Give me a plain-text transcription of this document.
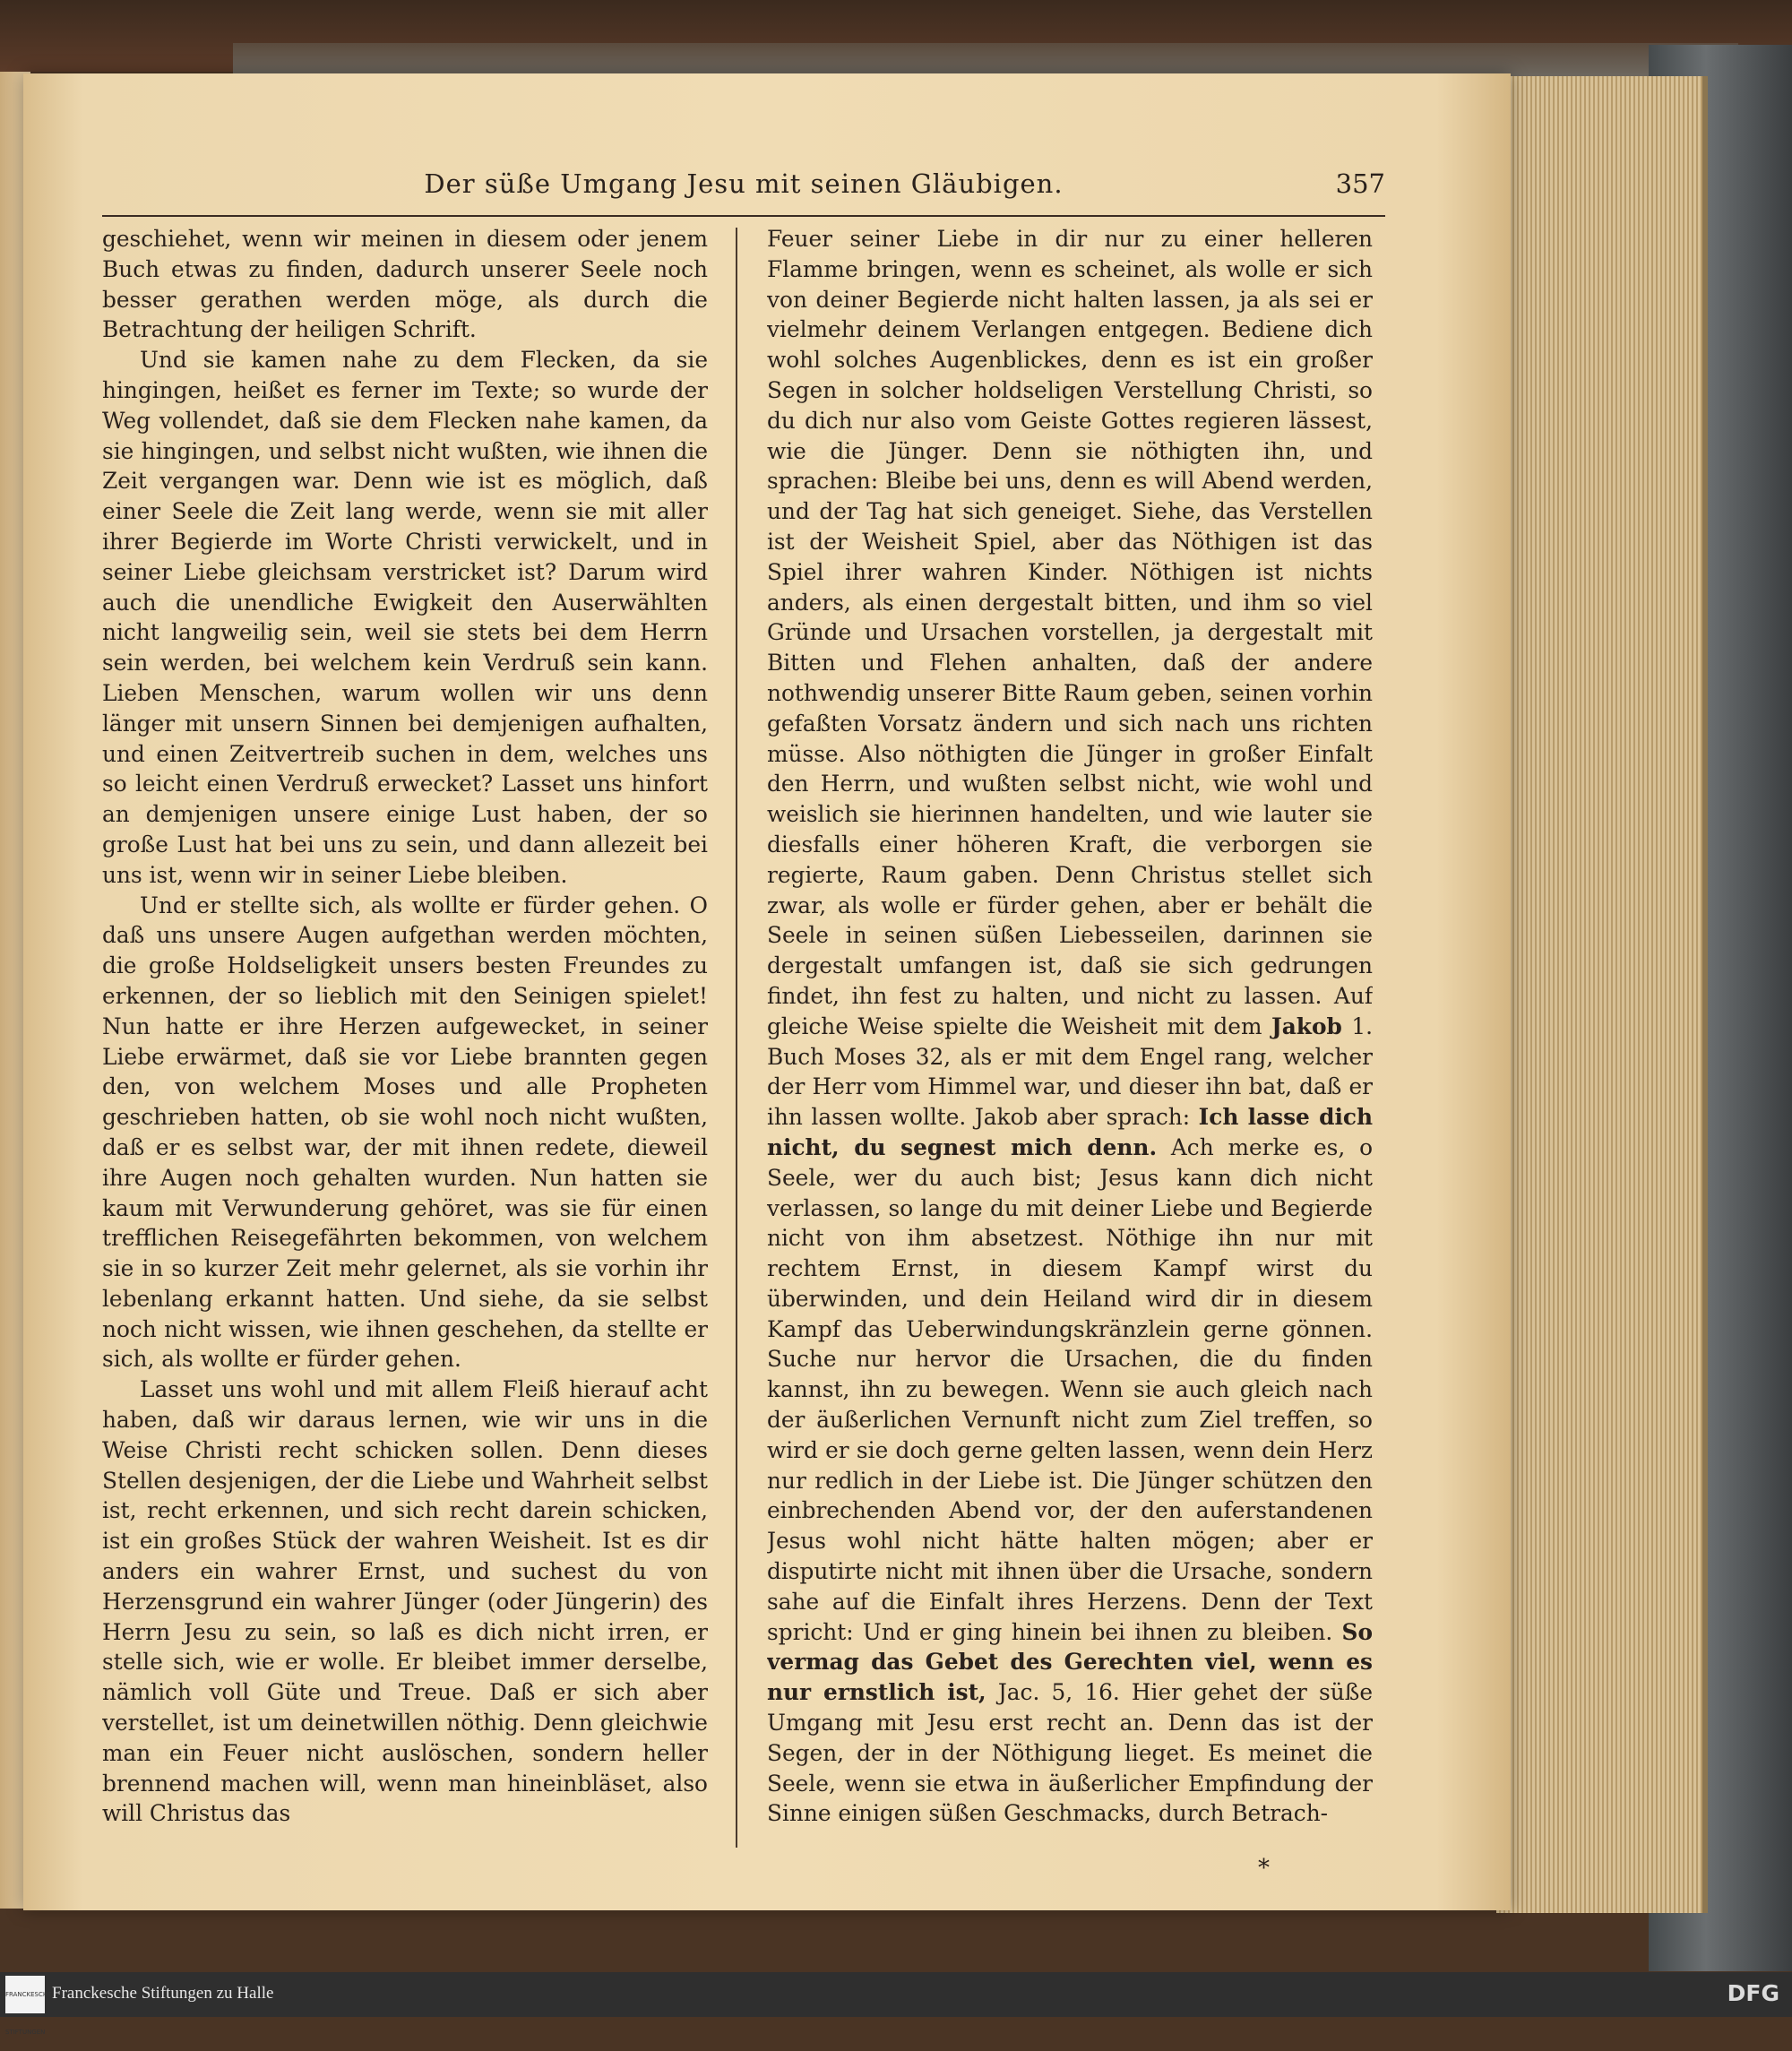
Der süße Umgang Jesu mit seinen Gläubigen.	357

geschiehet, wenn wir meinen in diesem oder jenem Buch etwas zu finden, dadurch unserer Seele noch besser gerathen werden möge, als durch die Betrachtung der heiligen Schrift.

Und sie kamen nahe zu dem Flecken, da sie hingingen, heißet es ferner im Texte; so wurde der Weg vollendet, daß sie dem Flecken nahe kamen, da sie hingingen, und selbst nicht wußten, wie ihnen die Zeit vergangen war. Denn wie ist es möglich, daß einer Seele die Zeit lang werde, wenn sie mit aller ihrer Begierde im Worte Christi verwickelt, und in seiner Liebe gleichsam verstricket ist? Darum wird auch die unendliche Ewigkeit den Auserwählten nicht langweilig sein, weil sie stets bei dem Herrn sein werden, bei welchem kein Verdruß sein kann. Lieben Menschen, warum wollen wir uns denn länger mit unsern Sinnen bei demjenigen aufhalten, und einen Zeitvertreib suchen in dem, welches uns so leicht einen Verdruß erwecket? Lasset uns hinfort an demjenigen unsere einige Lust haben, der so große Lust hat bei uns zu sein, und dann allezeit bei uns ist, wenn wir in seiner Liebe bleiben.

Und er stellte sich, als wollte er fürder gehen. O daß uns unsere Augen aufgethan werden möchten, die große Holdseligkeit unsers besten Freundes zu erkennen, der so lieblich mit den Seinigen spielet! Nun hatte er ihre Herzen aufgewecket, in seiner Liebe erwärmet, daß sie vor Liebe brannten gegen den, von welchem Moses und alle Propheten geschrieben hatten, ob sie wohl noch nicht wußten, daß er es selbst war, der mit ihnen redete, dieweil ihre Augen noch gehalten wurden. Nun hatten sie kaum mit Verwunderung gehöret, was sie für einen trefflichen Reisegefährten bekommen, von welchem sie in so kurzer Zeit mehr gelernet, als sie vorhin ihr lebenlang erkannt hatten. Und siehe, da sie selbst noch nicht wissen, wie ihnen geschehen, da stellte er sich, als wollte er fürder gehen.

Lasset uns wohl und mit allem Fleiß hierauf acht haben, daß wir daraus lernen, wie wir uns in die Weise Christi recht schicken sollen. Denn dieses Stellen desjenigen, der die Liebe und Wahrheit selbst ist, recht erkennen, und sich recht darein schicken, ist ein großes Stück der wahren Weisheit. Ist es dir anders ein wahrer Ernst, und suchest du von Herzensgrund ein wahrer Jünger (oder Jüngerin) des Herrn Jesu zu sein, so laß es dich nicht irren, er stelle sich, wie er wolle. Er bleibet immer derselbe, nämlich voll Güte und Treue. Daß er sich aber verstellet, ist um deinetwillen nöthig. Denn gleichwie man ein Feuer nicht auslöschen, sondern heller brennend machen will, wenn man hineinbläset, also will Christus das

Feuer seiner Liebe in dir nur zu einer helleren Flamme bringen, wenn es scheinet, als wolle er sich von deiner Begierde nicht halten lassen, ja als sei er vielmehr deinem Verlangen entgegen. Bediene dich wohl solches Augenblickes, denn es ist ein großer Segen in solcher holdseligen Verstellung Christi, so du dich nur also vom Geiste Gottes regieren lässest, wie die Jünger. Denn sie nöthigten ihn, und sprachen: Bleibe bei uns, denn es will Abend werden, und der Tag hat sich geneiget. Siehe, das Verstellen ist der Weisheit Spiel, aber das Nöthigen ist das Spiel ihrer wahren Kinder. Nöthigen ist nichts anders, als einen dergestalt bitten, und ihm so viel Gründe und Ursachen vorstellen, ja dergestalt mit Bitten und Flehen anhalten, daß der andere nothwendig unserer Bitte Raum geben, seinen vorhin gefaßten Vorsatz ändern und sich nach uns richten müsse. Also nöthigten die Jünger in großer Einfalt den Herrn, und wußten selbst nicht, wie wohl und weislich sie hierinnen handelten, und wie lauter sie diesfalls einer höheren Kraft, die verborgen sie regierte, Raum gaben. Denn Christus stellet sich zwar, als wolle er fürder gehen, aber er behält die Seele in seinen süßen Liebesseilen, darinnen sie dergestalt umfangen ist, daß sie sich gedrungen findet, ihn fest zu halten, und nicht zu lassen. Auf gleiche Weise spielte die Weisheit mit dem Jakob 1. Buch Moses 32, als er mit dem Engel rang, welcher der Herr vom Himmel war, und dieser ihn bat, daß er ihn lassen wollte. Jakob aber sprach: Ich lasse dich nicht, du segnest mich denn. Ach merke es, o Seele, wer du auch bist; Jesus kann dich nicht verlassen, so lange du mit deiner Liebe und Begierde nicht von ihm absetzest. Nöthige ihn nur mit rechtem Ernst, in diesem Kampf wirst du überwinden, und dein Heiland wird dir in diesem Kampf das Ueberwindungskränzlein gerne gönnen. Suche nur hervor die Ursachen, die du finden kannst, ihn zu bewegen. Wenn sie auch gleich nach der äußerlichen Vernunft nicht zum Ziel treffen, so wird er sie doch gerne gelten lassen, wenn dein Herz nur redlich in der Liebe ist. Die Jünger schützen den einbrechenden Abend vor, der den auferstandenen Jesus wohl nicht hätte halten mögen; aber er disputirte nicht mit ihnen über die Ursache, sondern sahe auf die Einfalt ihres Herzens. Denn der Text spricht: Und er ging hinein bei ihnen zu bleiben. So vermag das Gebet des Gerechten viel, wenn es nur ernstlich ist, Jac. 5, 16. Hier gehet der süße Umgang mit Jesu erst recht an. Denn das ist der Segen, der in der Nöthigung lieget. Es meinet die Seele, wenn sie etwa in äußerlicher Empfindung der Sinne einigen süßen Geschmacks, durch Betrach-

*
FRANCKESCHE STIFTUNGEN
Franckesche Stiftungen zu Halle	DFG
